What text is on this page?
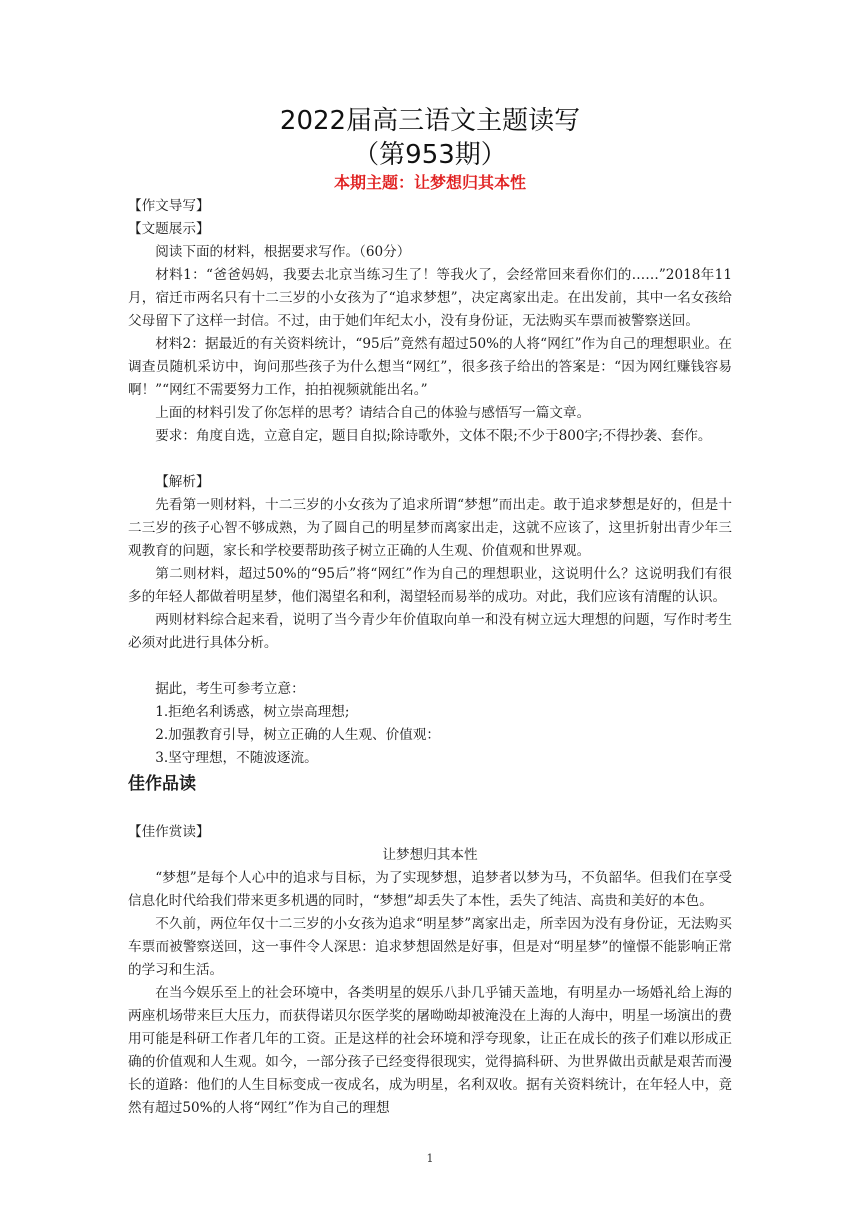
2022届高三语文主题读写
（第953期）
本期主题：让梦想归其本性

【作文导写】

【文题展示】

阅读下面的材料，根据要求写作。（60分）

材料1：“爸爸妈妈，我要去北京当练习生了！等我火了，会经常回来看你们的……”2018年11月，宿迁市两名只有十二三岁的小女孩为了“追求梦想”，决定离家出走。在出发前，其中一名女孩给父母留下了这样一封信。不过，由于她们年纪太小，没有身份证，无法购买车票而被警察送回。

材料2：据最近的有关资料统计，“95后”竟然有超过50%的人将“网红”作为自己的理想职业。在调查员随机采访中，询问那些孩子为什么想当“网红”，很多孩子给出的答案是：“因为网红赚钱容易啊！”“网红不需要努力工作，拍拍视频就能出名。”

上面的材料引发了你怎样的思考？请结合自己的体验与感悟写一篇文章。

要求：角度自选，立意自定，题目自拟;除诗歌外，文体不限;不少于800字;不得抄袭、套作。

【解析】

先看第一则材料，十二三岁的小女孩为了追求所谓“梦想”而出走。敢于追求梦想是好的，但是十二三岁的孩子心智不够成熟，为了圆自己的明星梦而离家出走，这就不应该了，这里折射出青少年三观教育的问题，家长和学校要帮助孩子树立正确的人生观、价值观和世界观。

第二则材料，超过50%的“95后”将“网红”作为自己的理想职业，这说明什么？这说明我们有很多的年轻人都做着明星梦，他们渴望名和利，渴望轻而易举的成功。对此，我们应该有清醒的认识。

两则材料综合起来看，说明了当今青少年价值取向单一和没有树立远大理想的问题，写作时考生必须对此进行具体分析。

据此，考生可参考立意：

1.拒绝名利诱惑，树立崇高理想;

2.加强教育引导，树立正确的人生观、价值观：

3.坚守理想，不随波逐流。

佳作品读

【佳作赏读】

让梦想归其本性

“梦想”是每个人心中的追求与目标，为了实现梦想，追梦者以梦为马，不负韶华。但我们在享受信息化时代给我们带来更多机遇的同时，“梦想”却丢失了本性，丢失了纯洁、高贵和美好的本色。

不久前，两位年仅十二三岁的小女孩为追求“明星梦”离家出走，所幸因为没有身份证，无法购买车票而被警察送回，这一事件令人深思：追求梦想固然是好事，但是对“明星梦”的憧憬不能影响正常的学习和生活。

在当今娱乐至上的社会环境中，各类明星的娱乐八卦几乎铺天盖地，有明星办一场婚礼给上海的两座机场带来巨大压力，而获得诺贝尔医学奖的屠呦呦却被淹没在上海的人海中，明星一场演出的费用可能是科研工作者几年的工资。正是这样的社会环境和浮夸现象，让正在成长的孩子们难以形成正确的价值观和人生观。如今，一部分孩子已经变得很现实，觉得搞科研、为世界做出贡献是艰苦而漫长的道路：他们的人生目标变成一夜成名，成为明星，名利双收。据有关资料统计，在年轻人中，竟然有超过50%的人将“网红”作为自己的理想

1
